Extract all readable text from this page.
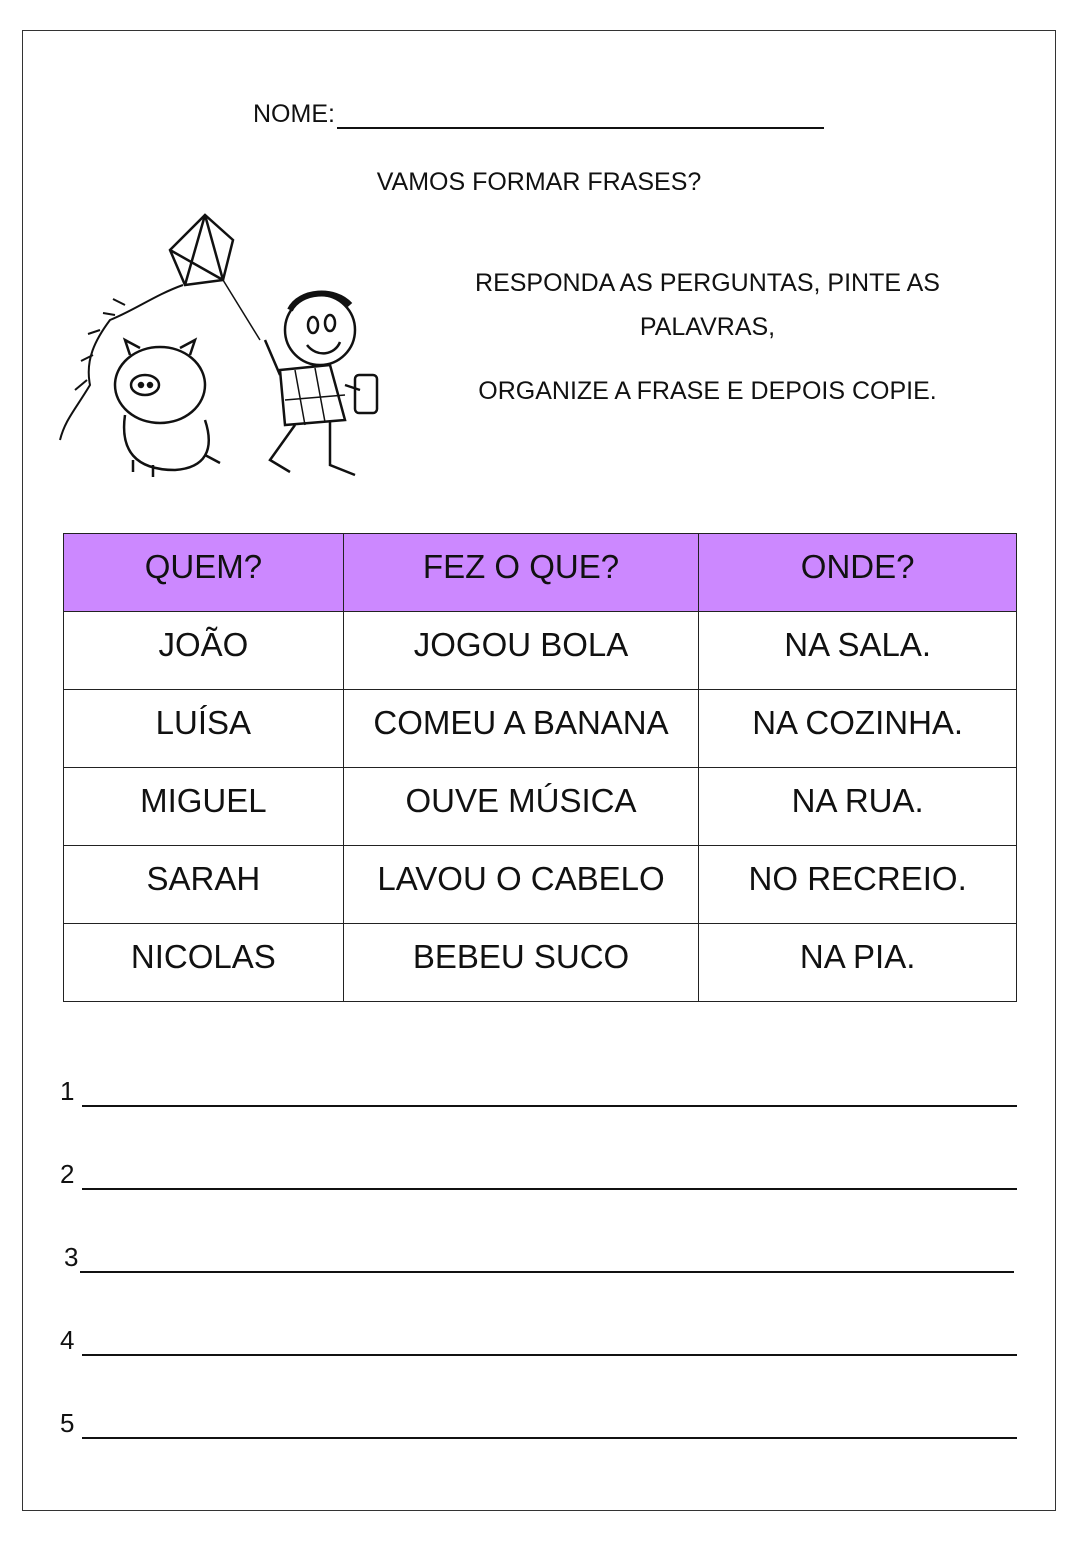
NOME:
VAMOS FORMAR FRASES?
RESPONDA AS PERGUNTAS, PINTE AS
PALAVRAS,
ORGANIZE A FRASE E DEPOIS COPIE.
QUEM?	FEZ O QUE?	ONDE?
JOÃO	JOGOU BOLA	NA SALA.
LUÍSA	COMEU A BANANA	NA COZINHA.
MIGUEL	OUVE MÚSICA	NA RUA.
SARAH	LAVOU O CABELO	NO RECREIO.
NICOLAS	BEBEU SUCO	NA PIA.
1
2
3
4
5
